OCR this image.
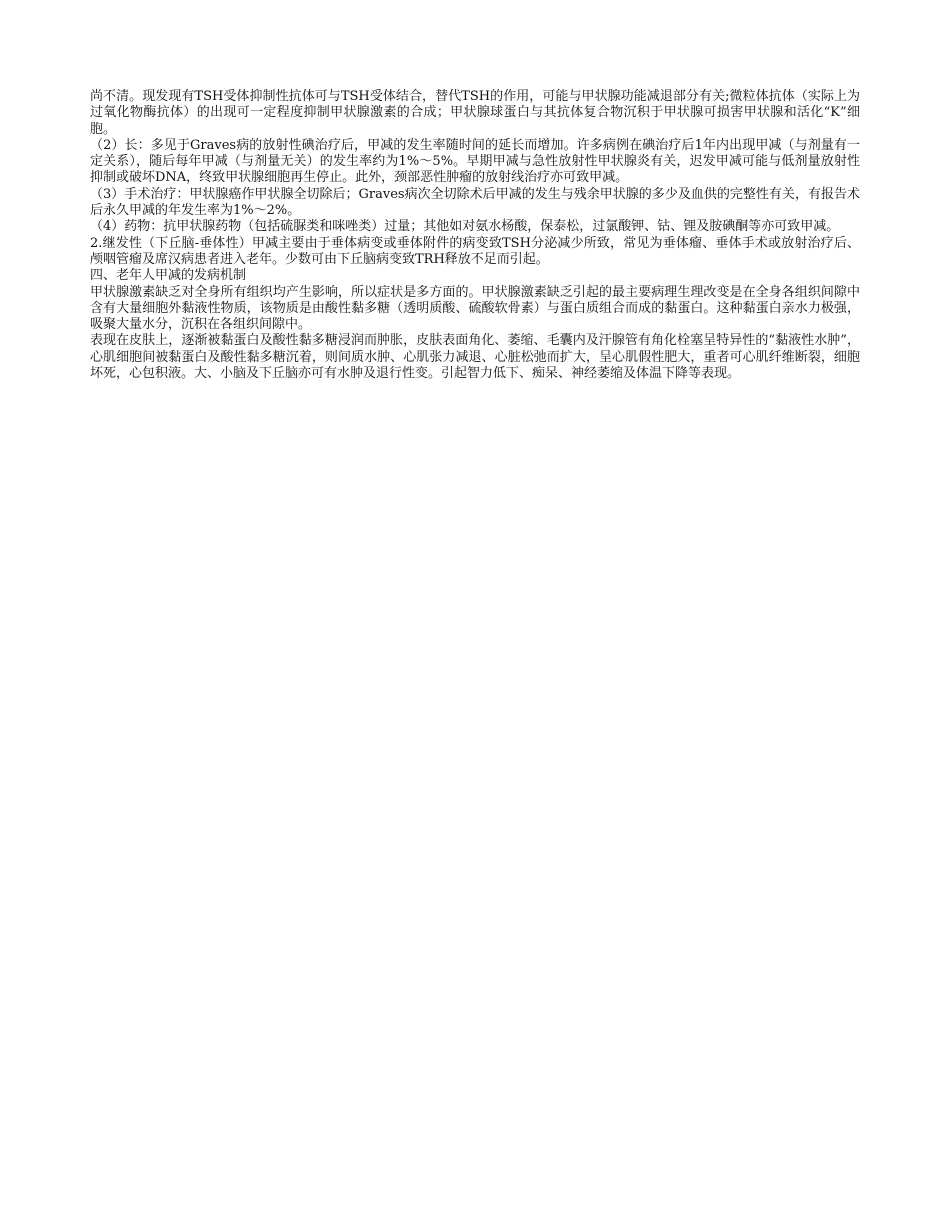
尚不清。现发现有TSH受体抑制性抗体可与TSH受体结合，替代TSH的作用，可能与甲状腺功能减退部分有关;微粒体抗体（实际上为过氧化物酶抗体）的出现可一定程度抑制甲状腺激素的合成；甲状腺球蛋白与其抗体复合物沉积于甲状腺可损害甲状腺和活化“K”细胞。

（2）长：多见于Graves病的放射性碘治疗后，甲减的发生率随时间的延长而增加。许多病例在碘治疗后1年内出现甲减（与剂量有一定关系），随后每年甲减（与剂量无关）的发生率约为1%～5%。早期甲减与急性放射性甲状腺炎有关，迟发甲减可能与低剂量放射性抑制或破坏DNA，终致甲状腺细胞再生停止。此外，颈部恶性肿瘤的放射线治疗亦可致甲减。

（3）手术治疗：甲状腺癌作甲状腺全切除后；Graves病次全切除术后甲减的发生与残余甲状腺的多少及血供的完整性有关，有报告术后永久甲减的年发生率为1%～2%。

（4）药物：抗甲状腺药物（包括硫脲类和咪唑类）过量；其他如对氨水杨酸，保泰松，过氯酸钾、钴、锂及胺碘酮等亦可致甲减。

2.继发性（下丘脑-垂体性）甲减主要由于垂体病变或垂体附件的病变致TSH分泌减少所致，常见为垂体瘤、垂体手术或放射治疗后、颅咽管瘤及席汉病患者进入老年。少数可由下丘脑病变致TRH释放不足而引起。

四、老年人甲减的发病机制

甲状腺激素缺乏对全身所有组织均产生影响，所以症状是多方面的。甲状腺激素缺乏引起的最主要病理生理改变是在全身各组织间隙中含有大量细胞外黏液性物质，该物质是由酸性黏多糖（透明质酸、硫酸软骨素）与蛋白质组合而成的黏蛋白。这种黏蛋白亲水力极强，吸聚大量水分，沉积在各组织间隙中。

表现在皮肤上，逐渐被黏蛋白及酸性黏多糖浸润而肿胀，皮肤表面角化、萎缩、毛囊内及汗腺管有角化栓塞呈特异性的“黏液性水肿”，心肌细胞间被黏蛋白及酸性黏多糖沉着，则间质水肿、心肌张力减退、心脏松弛而扩大，呈心肌假性肥大，重者可心肌纤维断裂，细胞坏死，心包积液。大、小脑及下丘脑亦可有水肿及退行性变。引起智力低下、痴呆、神经萎缩及体温下降等表现。
